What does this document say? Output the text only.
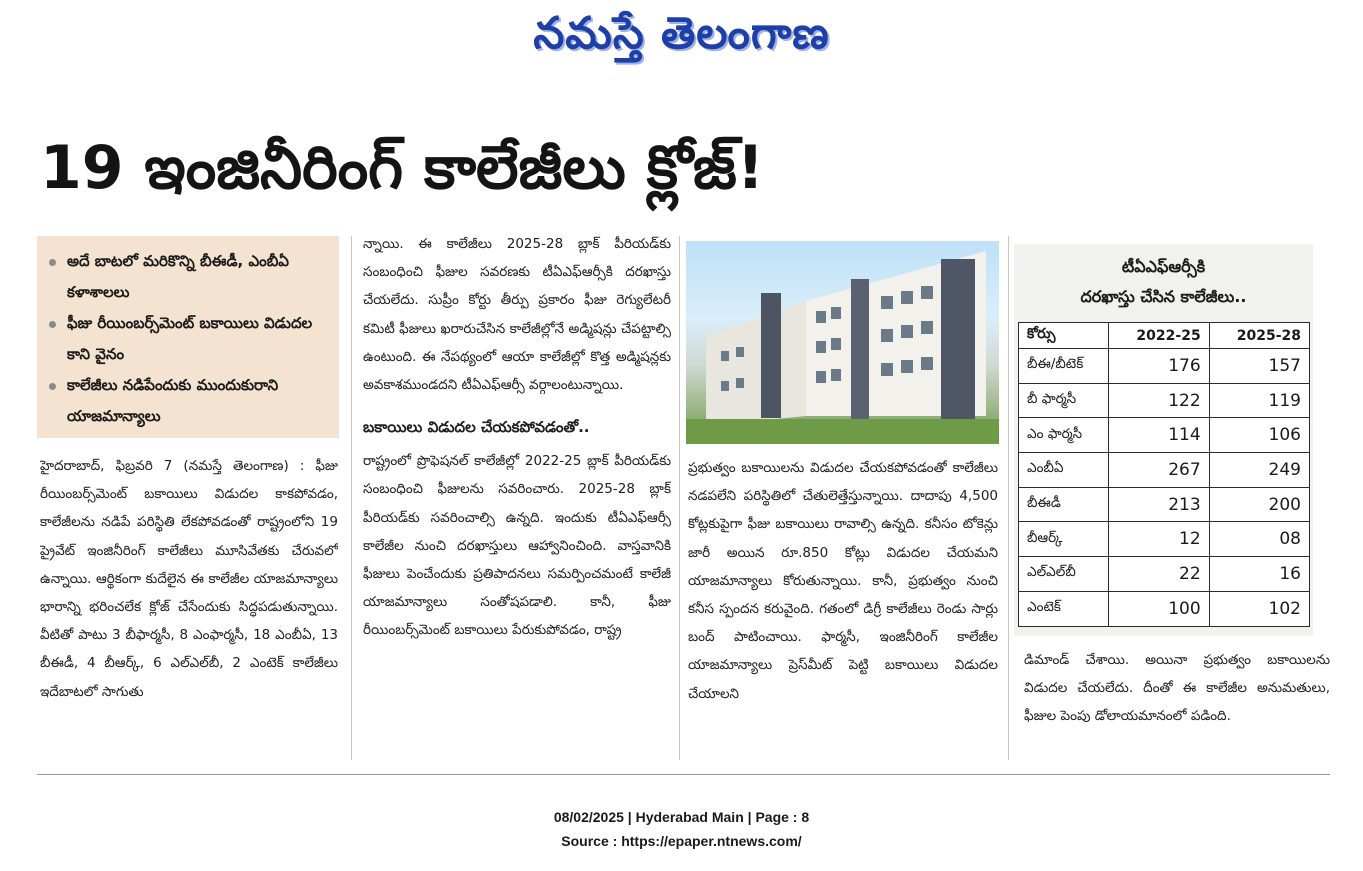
నమస్తే తెలంగాణ
19 ఇంజినీరింగ్ కాలేజీలు క్లోజ్!
అదే బాటలో మరికొన్ని బీఈడీ, ఎంబీఏ కళాశాలలు
ఫీజు రీయింబర్స్‌మెంట్ బకాయిలు విడుదల కాని వైనం
కాలేజీలు నడిపేందుకు ముందుకురాని యాజమాన్యాలు

హైదరాబాద్, ఫిబ్రవరి 7 (నమస్తే తెలంగాణ) : ఫీజు రీయింబర్స్‌మెంట్ బకాయిలు విడుదల కాకపోవడం, కాలేజీలను నడిపే పరిస్థితి లేకపోవడంతో రాష్ట్రంలోని 19 ప్రైవేట్ ఇంజినీరింగ్ కాలేజీలు మూసివేతకు చేరువలో ఉన్నాయి. ఆర్థికంగా కుదేలైన ఈ కాలేజీల యాజమాన్యాలు భారాన్ని భరించలేక క్లోజ్ చేసేందుకు సిద్ధపడుతున్నాయి. వీటితో పాటు 3 బీఫార్మసీ, 8 ఎంఫార్మసీ, 18 ఎంబీఏ, 13 బీఈడీ, 4 బీఆర్క్, 6 ఎల్ఎల్‌బీ, 2 ఎంటెక్ కాలేజీలు ఇదేబాటలో సాగుతు

న్నాయి. ఈ కాలేజీలు 2025-28 బ్లాక్ పీరియడ్‌కు సంబంధించి ఫీజుల సవరణకు టీఏఎఫ్ఆర్సీకి దరఖాస్తు చేయలేదు. సుప్రీం కోర్టు తీర్పు ప్రకారం ఫీజు రెగ్యులేటరీ కమిటీ ఫీజులు ఖరారుచేసిన కాలేజీల్లోనే అడ్మిషన్లు చేపట్టాల్సి ఉంటుంది. ఈ నేపథ్యంలో ఆయా కాలేజీల్లో కొత్త అడ్మిషన్లకు అవకాశముండదని టీఏఎఫ్ఆర్సీ వర్గాలంటున్నాయి.

బకాయిలు విడుదల చేయకపోవడంతో..

రాష్ట్రంలో ప్రొఫెషనల్ కాలేజీల్లో 2022-25 బ్లాక్ పీరియడ్‌కు సంబంధించి ఫీజులను సవరించారు. 2025-28 బ్లాక్ పీరియడ్‌కు సవరించాల్సి ఉన్నది. ఇందుకు టీఏఎఫ్ఆర్సీ కాలేజీల నుంచి దరఖాస్తులు ఆహ్వానించింది. వాస్తవానికి ఫీజులు పెంచేందుకు ప్రతిపాదనలు సమర్పించమంటే కాలేజీ యాజమాన్యాలు సంతోషపడాలి. కానీ, ఫీజు రీయింబర్స్‌మెంట్ బకాయిలు పేరుకుపోవడం, రాష్ట్ర

ప్రభుత్వం బకాయిలను విడుదల చేయకపోవడంతో కాలేజీలు నడపలేని పరిస్థితిలో చేతులెత్తేస్తున్నాయి. దాదాపు 4,500 కోట్లకుపైగా ఫీజు బకాయిలు రావాల్సి ఉన్నది. కనీసం టోకెన్లు జారీ అయిన రూ.850 కోట్లు విడుదల చేయమని యాజమాన్యాలు కోరుతున్నాయి. కానీ, ప్రభుత్వం నుంచి కనీస స్పందన కరువైంది. గతంలో డిగ్రీ కాలేజీలు రెండు సార్లు బంద్ పాటించాయి. ఫార్మసీ, ఇంజినీరింగ్ కాలేజీల యాజమాన్యాలు ప్రెస్‌మీట్ పెట్టి బకాయిలు విడుదల చేయాలని

టీఏఎఫ్ఆర్సీకి
దరఖాస్తు చేసిన కాలేజీలు..
కోర్సు	2022-25	2025-28
బీఈ/బీటెక్	176	157
బీ ఫార్మసీ	122	119
ఎం ఫార్మసీ	114	106
ఎంబీఏ	267	249
బీఈడీ	213	200
బీఆర్క్	12	08
ఎల్ఎల్‌బీ	22	16
ఎంటెక్	100	102

డిమాండ్ చేశాయి. అయినా ప్రభుత్వం బకాయిలను విడుదల చేయలేదు. దీంతో ఈ కాలేజీల అనుమతులు, ఫీజుల పెంపు డోలాయమానంలో పడింది.

08/02/2025 | Hyderabad Main | Page : 8
Source : https://epaper.ntnews.com/
